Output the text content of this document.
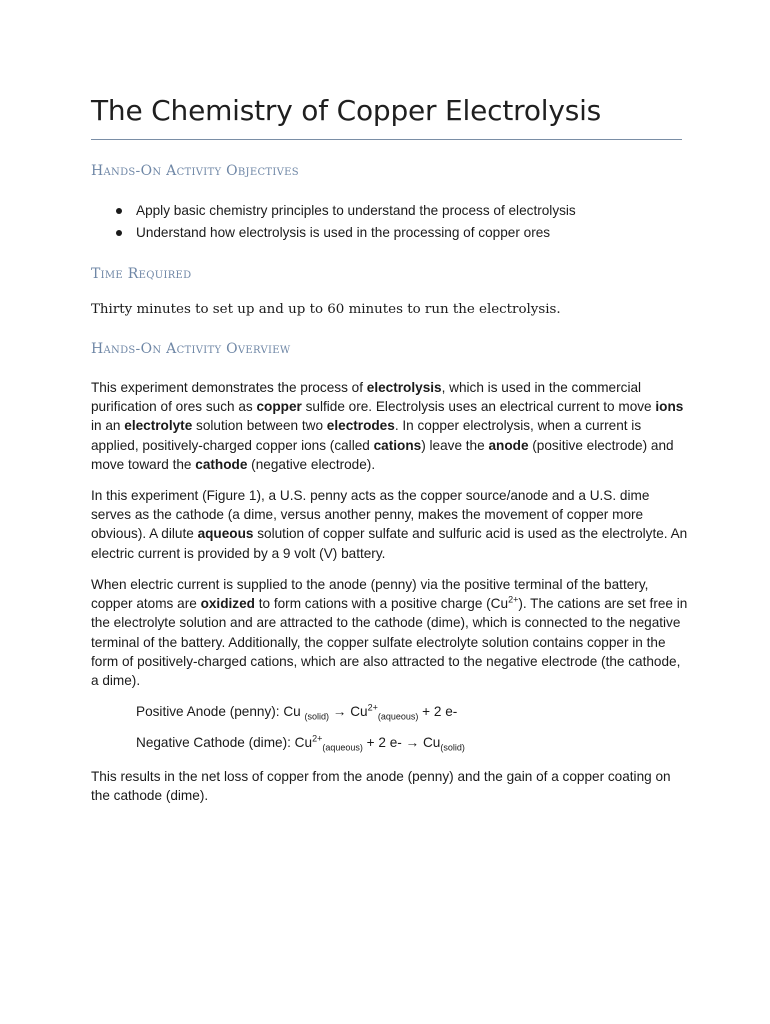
The Chemistry of Copper Electrolysis
Hands-On Activity Objectives
Apply basic chemistry principles to understand the process of electrolysis
Understand how electrolysis is used in the processing of copper ores
Time Required

Thirty minutes to set up and up to 60 minutes to run the electrolysis.

Hands-On Activity Overview

This experiment demonstrates the process of electrolysis, which is used in the commercial purification of ores such as copper sulfide ore. Electrolysis uses an electrical current to move ions in an electrolyte solution between two electrodes. In copper electrolysis, when a current is applied, positively-charged copper ions (called cations) leave the anode (positive electrode) and move toward the cathode (negative electrode).

In this experiment (Figure 1), a U.S. penny acts as the copper source/anode and a U.S. dime serves as the cathode (a dime, versus another penny, makes the movement of copper more obvious). A dilute aqueous solution of copper sulfate and sulfuric acid is used as the electrolyte. An electric current is provided by a 9 volt (V) battery.

When electric current is supplied to the anode (penny) via the positive terminal of the battery, copper atoms are oxidized to form cations with a positive charge $(Cu^{2+})$. The cations are set free in the electrolyte solution and are attracted to the cathode (dime), which is connected to the negative terminal of the battery. Additionally, the copper sulfate electrolyte solution contains copper in the form of positively-charged cations, which are also attracted to the negative electrode (the cathode, a dime).

Positive Anode (penny): Cu $_{(solid)} \to Cu^{2+}_{(aqueous)} + 2$ e-

Negative Cathode (dime): $Cu^{2+}_{(aqueous)} + 2$ $e- \to Cu_{(solid)}$

This results in the net loss of copper from the anode (penny) and the gain of a copper coating on the cathode (dime).
